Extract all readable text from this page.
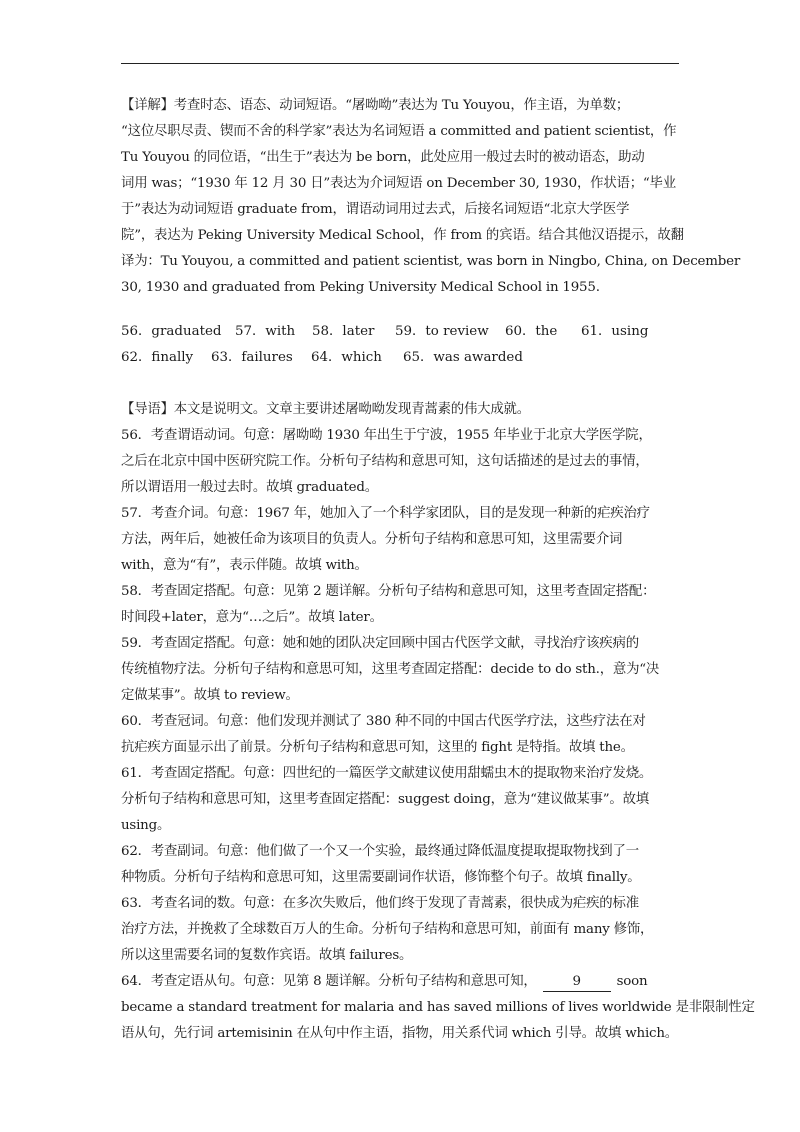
【详解】考查时态、语态、动词短语。“屠呦呦”表达为 Tu Youyou，作主语，为单数；
“这位尽职尽责、锲而不舍的科学家”表达为名词短语 a committed and patient scientist，作
Tu Youyou 的同位语，“出生于”表达为 be born，此处应用一般过去时的被动语态，助动
词用 was；“1930 年 12 月 30 日”表达为介词短语 on December 30, 1930，作状语；“毕业
于”表达为动词短语 graduate from，谓语动词用过去式，后接名词短语“北京大学医学
院”，表达为 Peking University Medical School，作 from 的宾语。结合其他汉语提示，故翻
译为：Tu Youyou, a committed and patient scientist, was born in Ningbo, China, on December
30, 1930 and graduated from Peking University Medical School in 1955.
56．graduated 57．with 58．later 59．to review 60．the 61．using
62．finally 63．failures 64．which 65．was awarded
【导语】本文是说明文。文章主要讲述屠呦呦发现青蒿素的伟大成就。
56．考查谓语动词。句意：屠呦呦 1930 年出生于宁波，1955 年毕业于北京大学医学院，
之后在北京中国中医研究院工作。分析句子结构和意思可知，这句话描述的是过去的事情，
所以谓语用一般过去时。故填 graduated。
57．考查介词。句意：1967 年，她加入了一个科学家团队，目的是发现一种新的疟疾治疗
方法，两年后，她被任命为该项目的负责人。分析句子结构和意思可知，这里需要介词
with，意为“有”，表示伴随。故填 with。
58．考查固定搭配。句意：见第 2 题详解。分析句子结构和意思可知，这里考查固定搭配：
时间段+later，意为“…之后”。故填 later。
59．考查固定搭配。句意：她和她的团队决定回顾中国古代医学文献，寻找治疗该疾病的
传统植物疗法。分析句子结构和意思可知，这里考查固定搭配：decide to do sth.，意为“决
定做某事”。故填 to review。
60．考查冠词。句意：他们发现并测试了 380 种不同的中国古代医学疗法，这些疗法在对
抗疟疾方面显示出了前景。分析句子结构和意思可知，这里的 fight 是特指。故填 the。
61．考查固定搭配。句意：四世纪的一篇医学文献建议使用甜蠕虫木的提取物来治疗发烧。
分析句子结构和意思可知，这里考查固定搭配：suggest doing，意为“建议做某事”。故填
using。
62．考查副词。句意：他们做了一个又一个实验，最终通过降低温度提取提取物找到了一
种物质。分析句子结构和意思可知，这里需要副词作状语，修饰整个句子。故填 finally。
63．考查名词的数。句意：在多次失败后，他们终于发现了青蒿素，很快成为疟疾的标准
治疗方法，并挽救了全球数百万人的生命。分析句子结构和意思可知，前面有 many 修饰，
所以这里需要名词的复数作宾语。故填 failures。
64．考查定语从句。句意：见第 8 题详解。分析句子结构和意思可知，	9	soon
became a standard treatment for malaria and has saved millions of lives worldwide 是非限制性定
语从句，先行词 artemisinin 在从句中作主语，指物，用关系代词 which 引导。故填 which。
